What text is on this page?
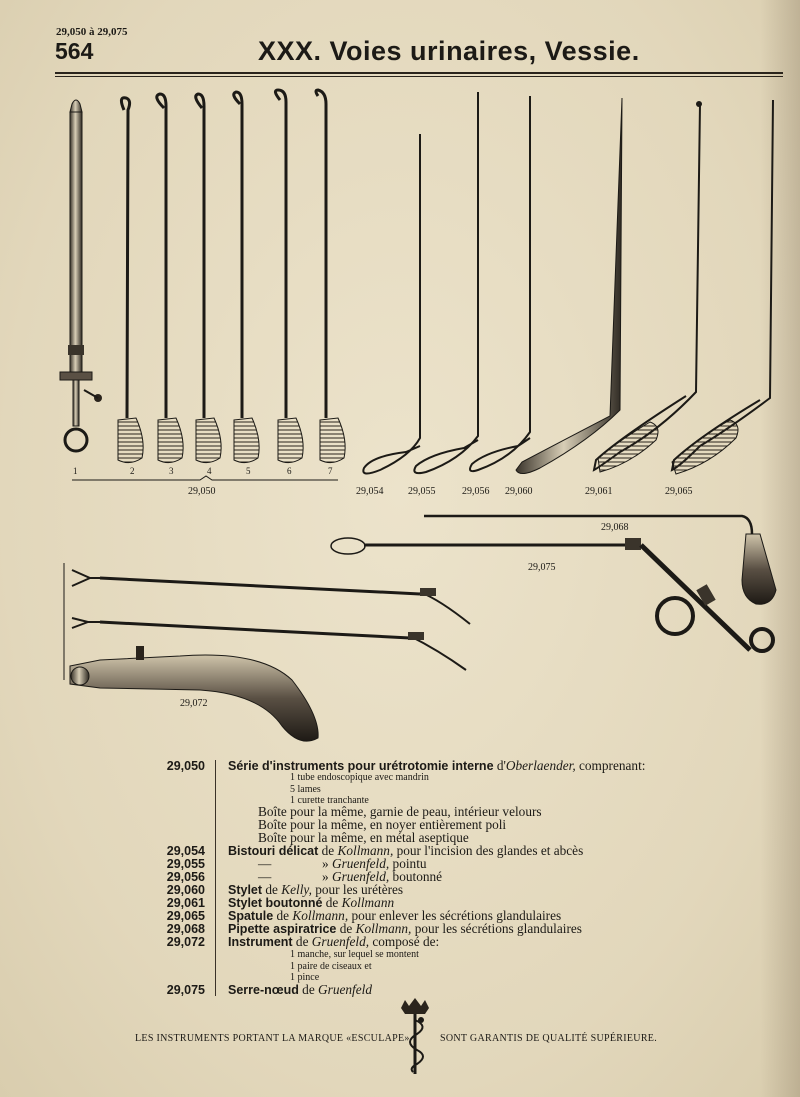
29,050 à 29,075
564	XXX. Voies urinaires, Vessie.
1	2	3	4	5	6	7
29,050	29,054 29,055	29,056 29,060	29,061	29,065
29,068
29,075
29,072
29,050 Série d'instruments pour urétrotomie interne d'Oberlaender, comprenant:
1 tube endoscopique avec mandrin
5 lames
1 curette tranchante
Boîte pour la même, garnie de peau, intérieur velours
Boîte pour la même, en noyer entièrement poli
Boîte pour la même, en métal aseptique
29,054 Bistouri délicat de Kollmann, pour l'incision des glandes et abcès
29,055	—	» Gruenfeld, pointu
29,056	—	» Gruenfeld, boutonné
29,060 Stylet de Kelly, pour les urétères
29,061 Stylet boutonné de Kollmann
29,065 Spatule de Kollmann, pour enlever les sécrétions glandulaires
29,068 Pipette aspiratrice de Kollmann, pour les sécrétions glandulaires
29,072 Instrument de Gruenfeld, composé de:
1 manche, sur lequel se montent
1 paire de ciseaux et
1 pince
29,075 Serre-nœud de Gruenfeld
LES INSTRUMENTS PORTANT LA MARQUE «ESCULAPE»	SONT GARANTIS DE QUALITÉ SUPÉRIEURE.
